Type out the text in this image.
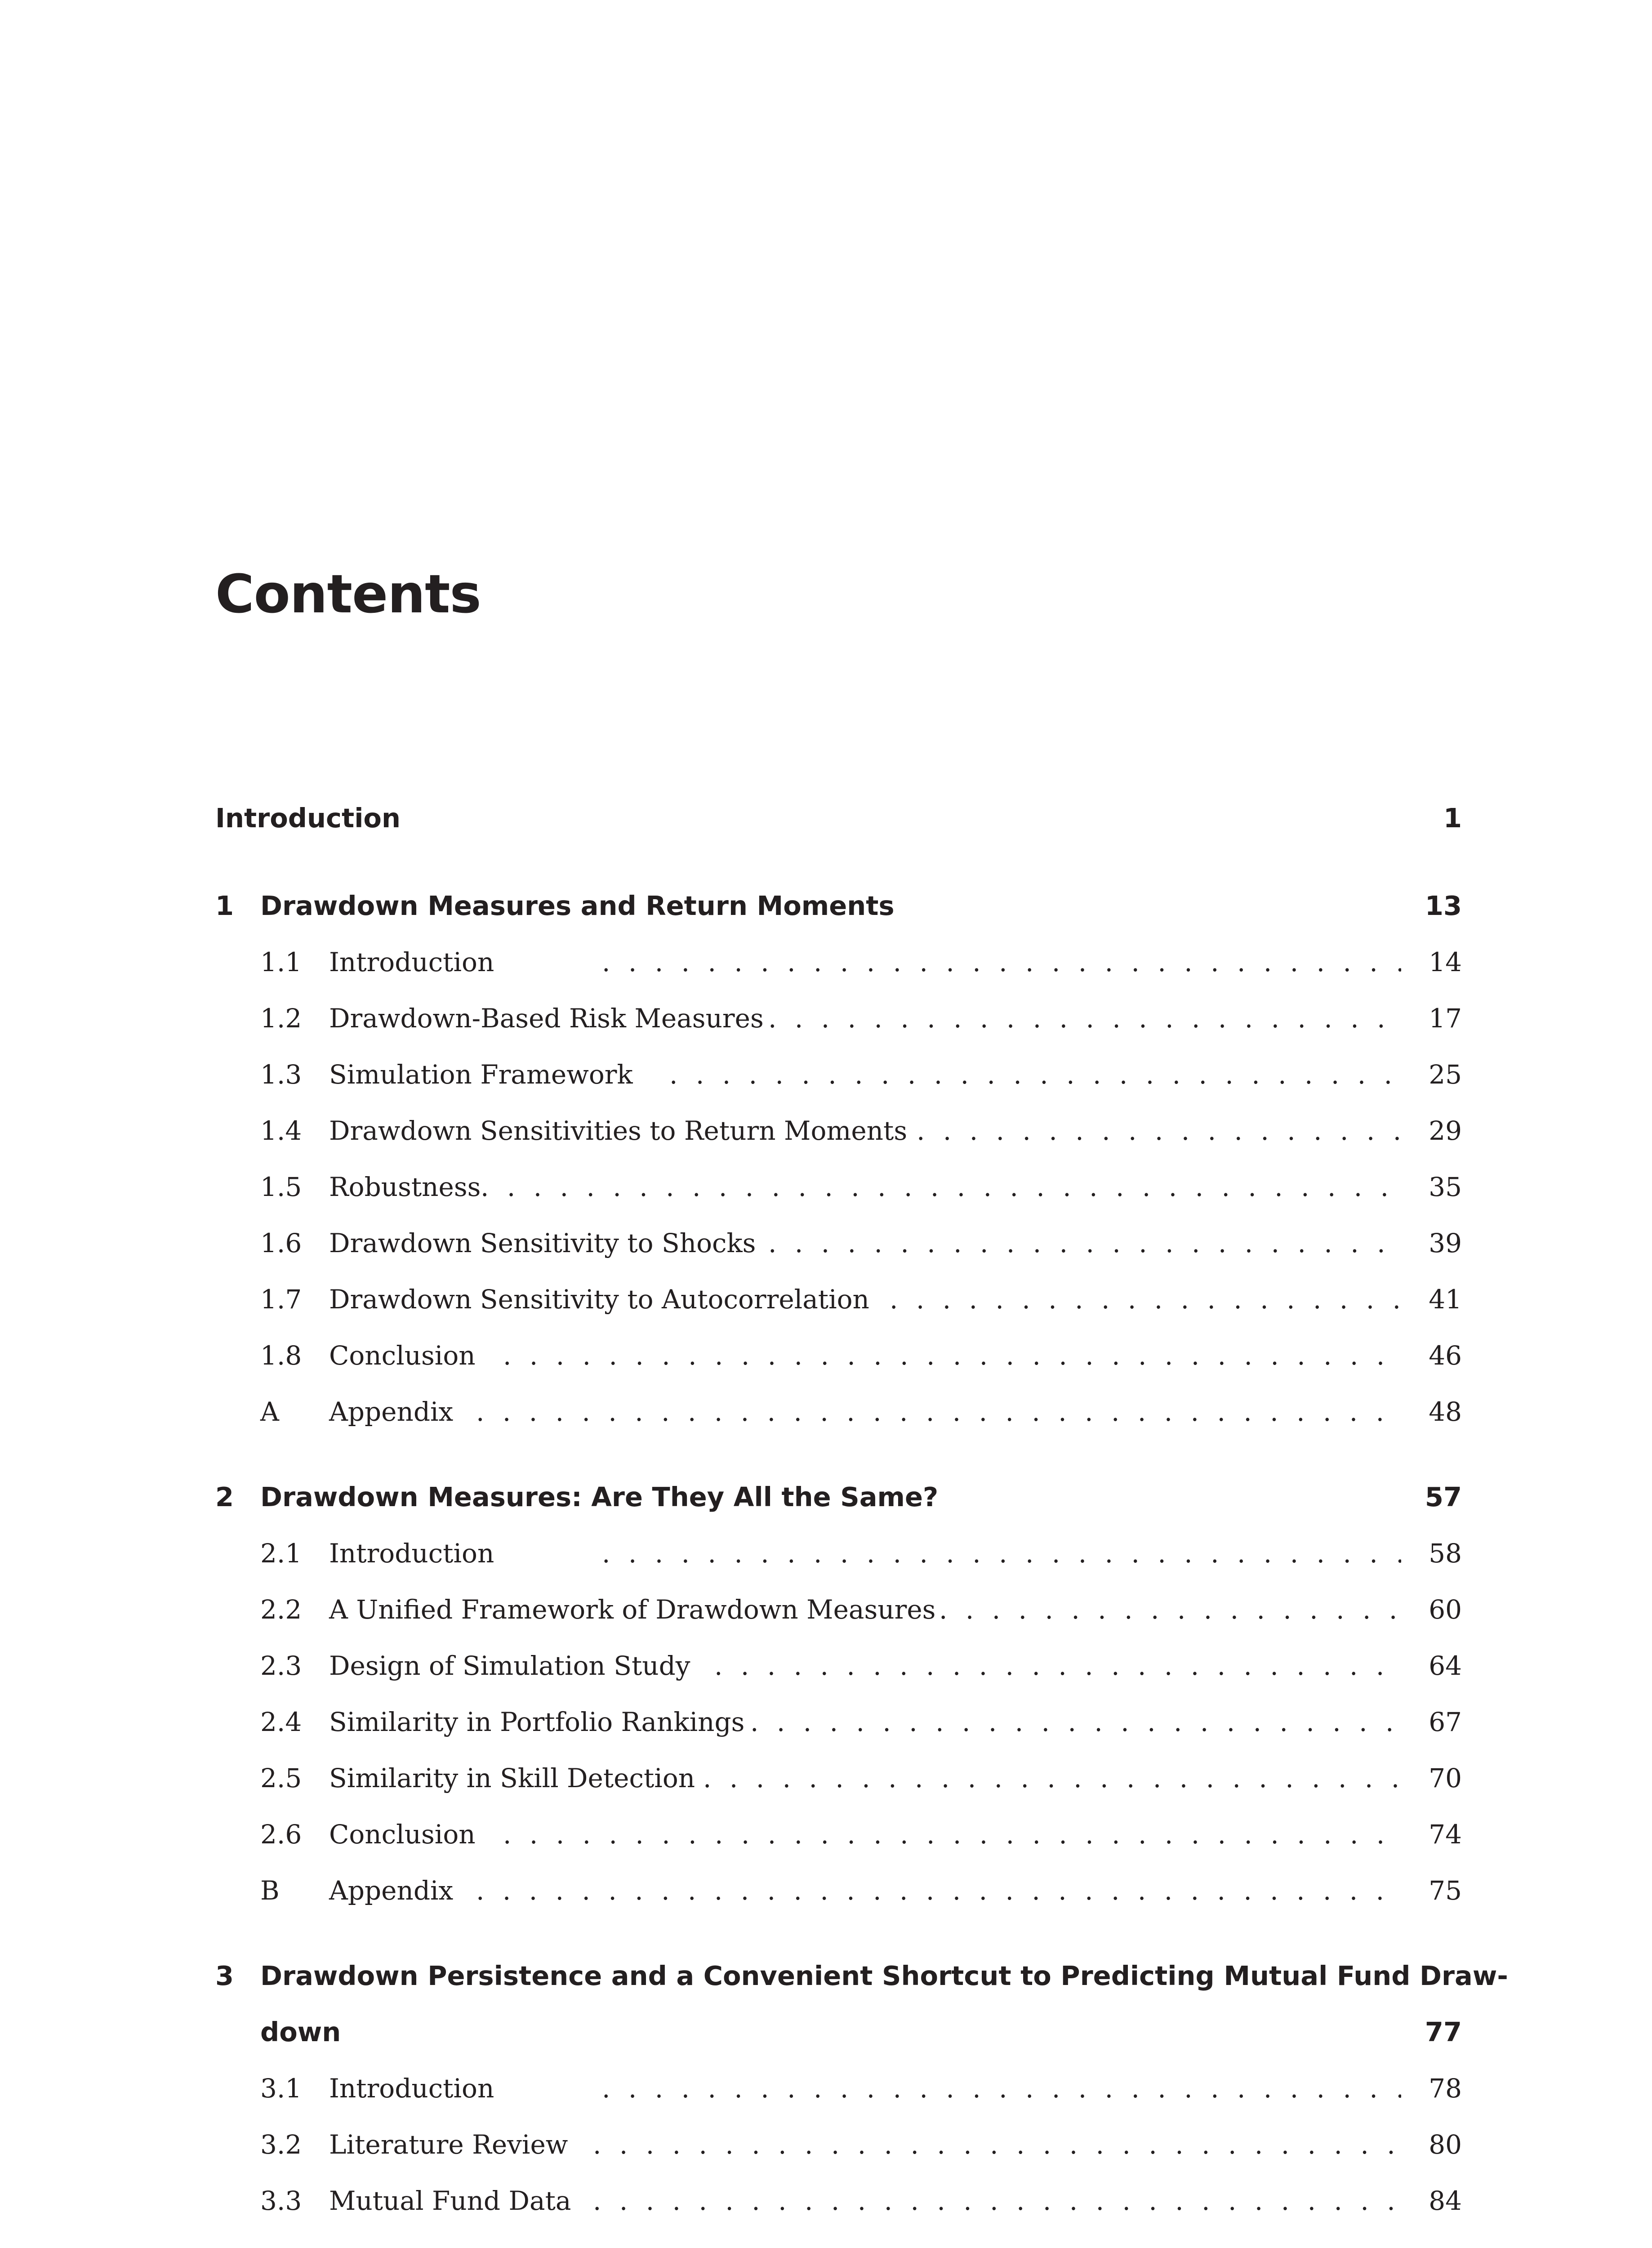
Contents
Introduction	1
1 Drawdown Measures and Return Moments	13
1.1 Introduction . . .	14
1.2 Drawdown-Based Risk Measures . . .	17
1.3 Simulation Framework . . .	25
1.4 Drawdown Sensitivities to Return Moments . . .	29
1.5 Robustness . . .	35
1.6 Drawdown Sensitivity to Shocks . . .	39
1.7 Drawdown Sensitivity to Autocorrelation . . .	41
1.8 Conclusion . . .	46
A Appendix . . .	48
2 Drawdown Measures: Are They All the Same?	57
2.1 Introduction . . .	58
2.2 A Unified Framework of Drawdown Measures . . .	60
2.3 Design of Simulation Study . . .	64
2.4 Similarity in Portfolio Rankings . . .	67
2.5 Similarity in Skill Detection . . .	70
2.6 Conclusion . . .	74
B Appendix . . .	75
3 Drawdown Persistence and a Convenient Shortcut to Predicting Mutual Fund Draw-
down	77
3.1 Introduction . . .	78
3.2 Literature Review . . .	80
3.3 Mutual Fund Data . . .	84
